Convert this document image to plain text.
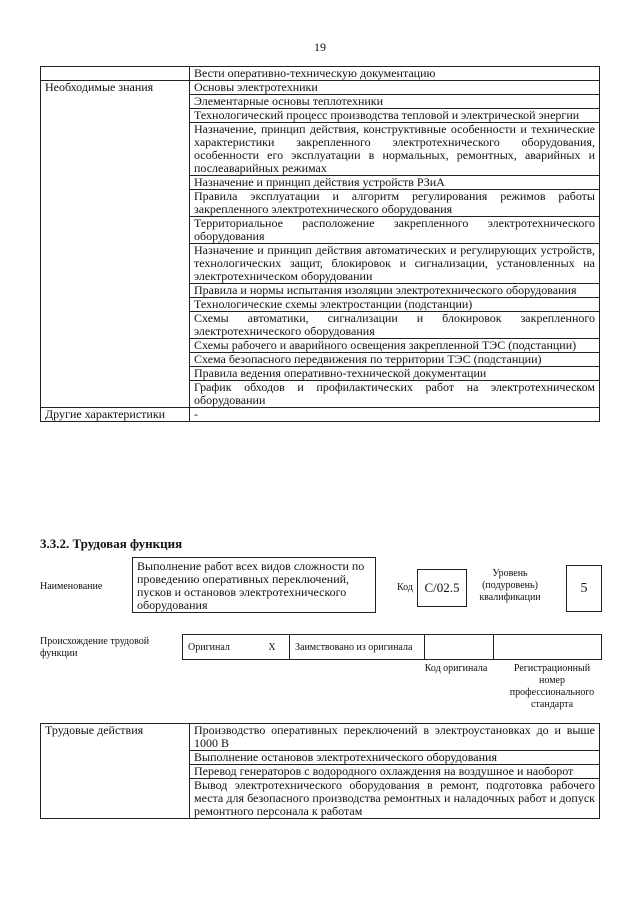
19
	Вести оперативно-техническую документацию
Необходимые знания	Основы электротехники
	Элементарные основы теплотехники
	Технологический процесс производства тепловой и электрической энергии
	Назначение, принцип действия, конструктивные особенности и технические характеристики закрепленного электротехнического оборудования, особенности его эксплуатации в нормальных, ремонтных, аварийных и послеаварийных режимах
	Назначение и принцип действия устройств РЗиА
	Правила эксплуатации и алгоритм регулирования режимов работы закрепленного электротехнического оборудования
	Территориальное расположение закрепленного электротехнического оборудования
	Назначение и принцип действия автоматических и регулирующих устройств, технологических защит, блокировок и сигнализации, установленных на электротехническом оборудовании
	Правила и нормы испытания изоляции электротехнического оборудования
	Технологические схемы электростанции (подстанции)
	Схемы автоматики, сигнализации и блокировок закрепленного электротехнического оборудования
	Схемы рабочего и аварийного освещения закрепленной ТЭС (подстанции)
	Схема безопасного передвижения по территории ТЭС (подстанции)
	Правила ведения оперативно-технической документации
	График обходов и профилактических работ на электротехническом оборудовании
Другие характеристики	-
3.3.2. Трудовая функция
Наименование
Выполнение работ всех видов сложности по проведению оперативных переключений, пусков и остановов электротехнического оборудования
Код С/02.5
Уровень (подуровень) квалификации
5
Происхождение трудовой функции
Оригинал	X	Заимствовано из оригинала		
Код оригинала	Регистрационный номер профессионального стандарта
Трудовые действия	Производство оперативных переключений в электроустановках до и выше 1000 В
Выполнение остановов электротехнического оборудования
Перевод генераторов с водородного охлаждения на воздушное и наоборот
Вывод электротехнического оборудования в ремонт, подготовка рабочего места для безопасного производства ремонтных и наладочных работ и допуск ремонтного персонала к работам
